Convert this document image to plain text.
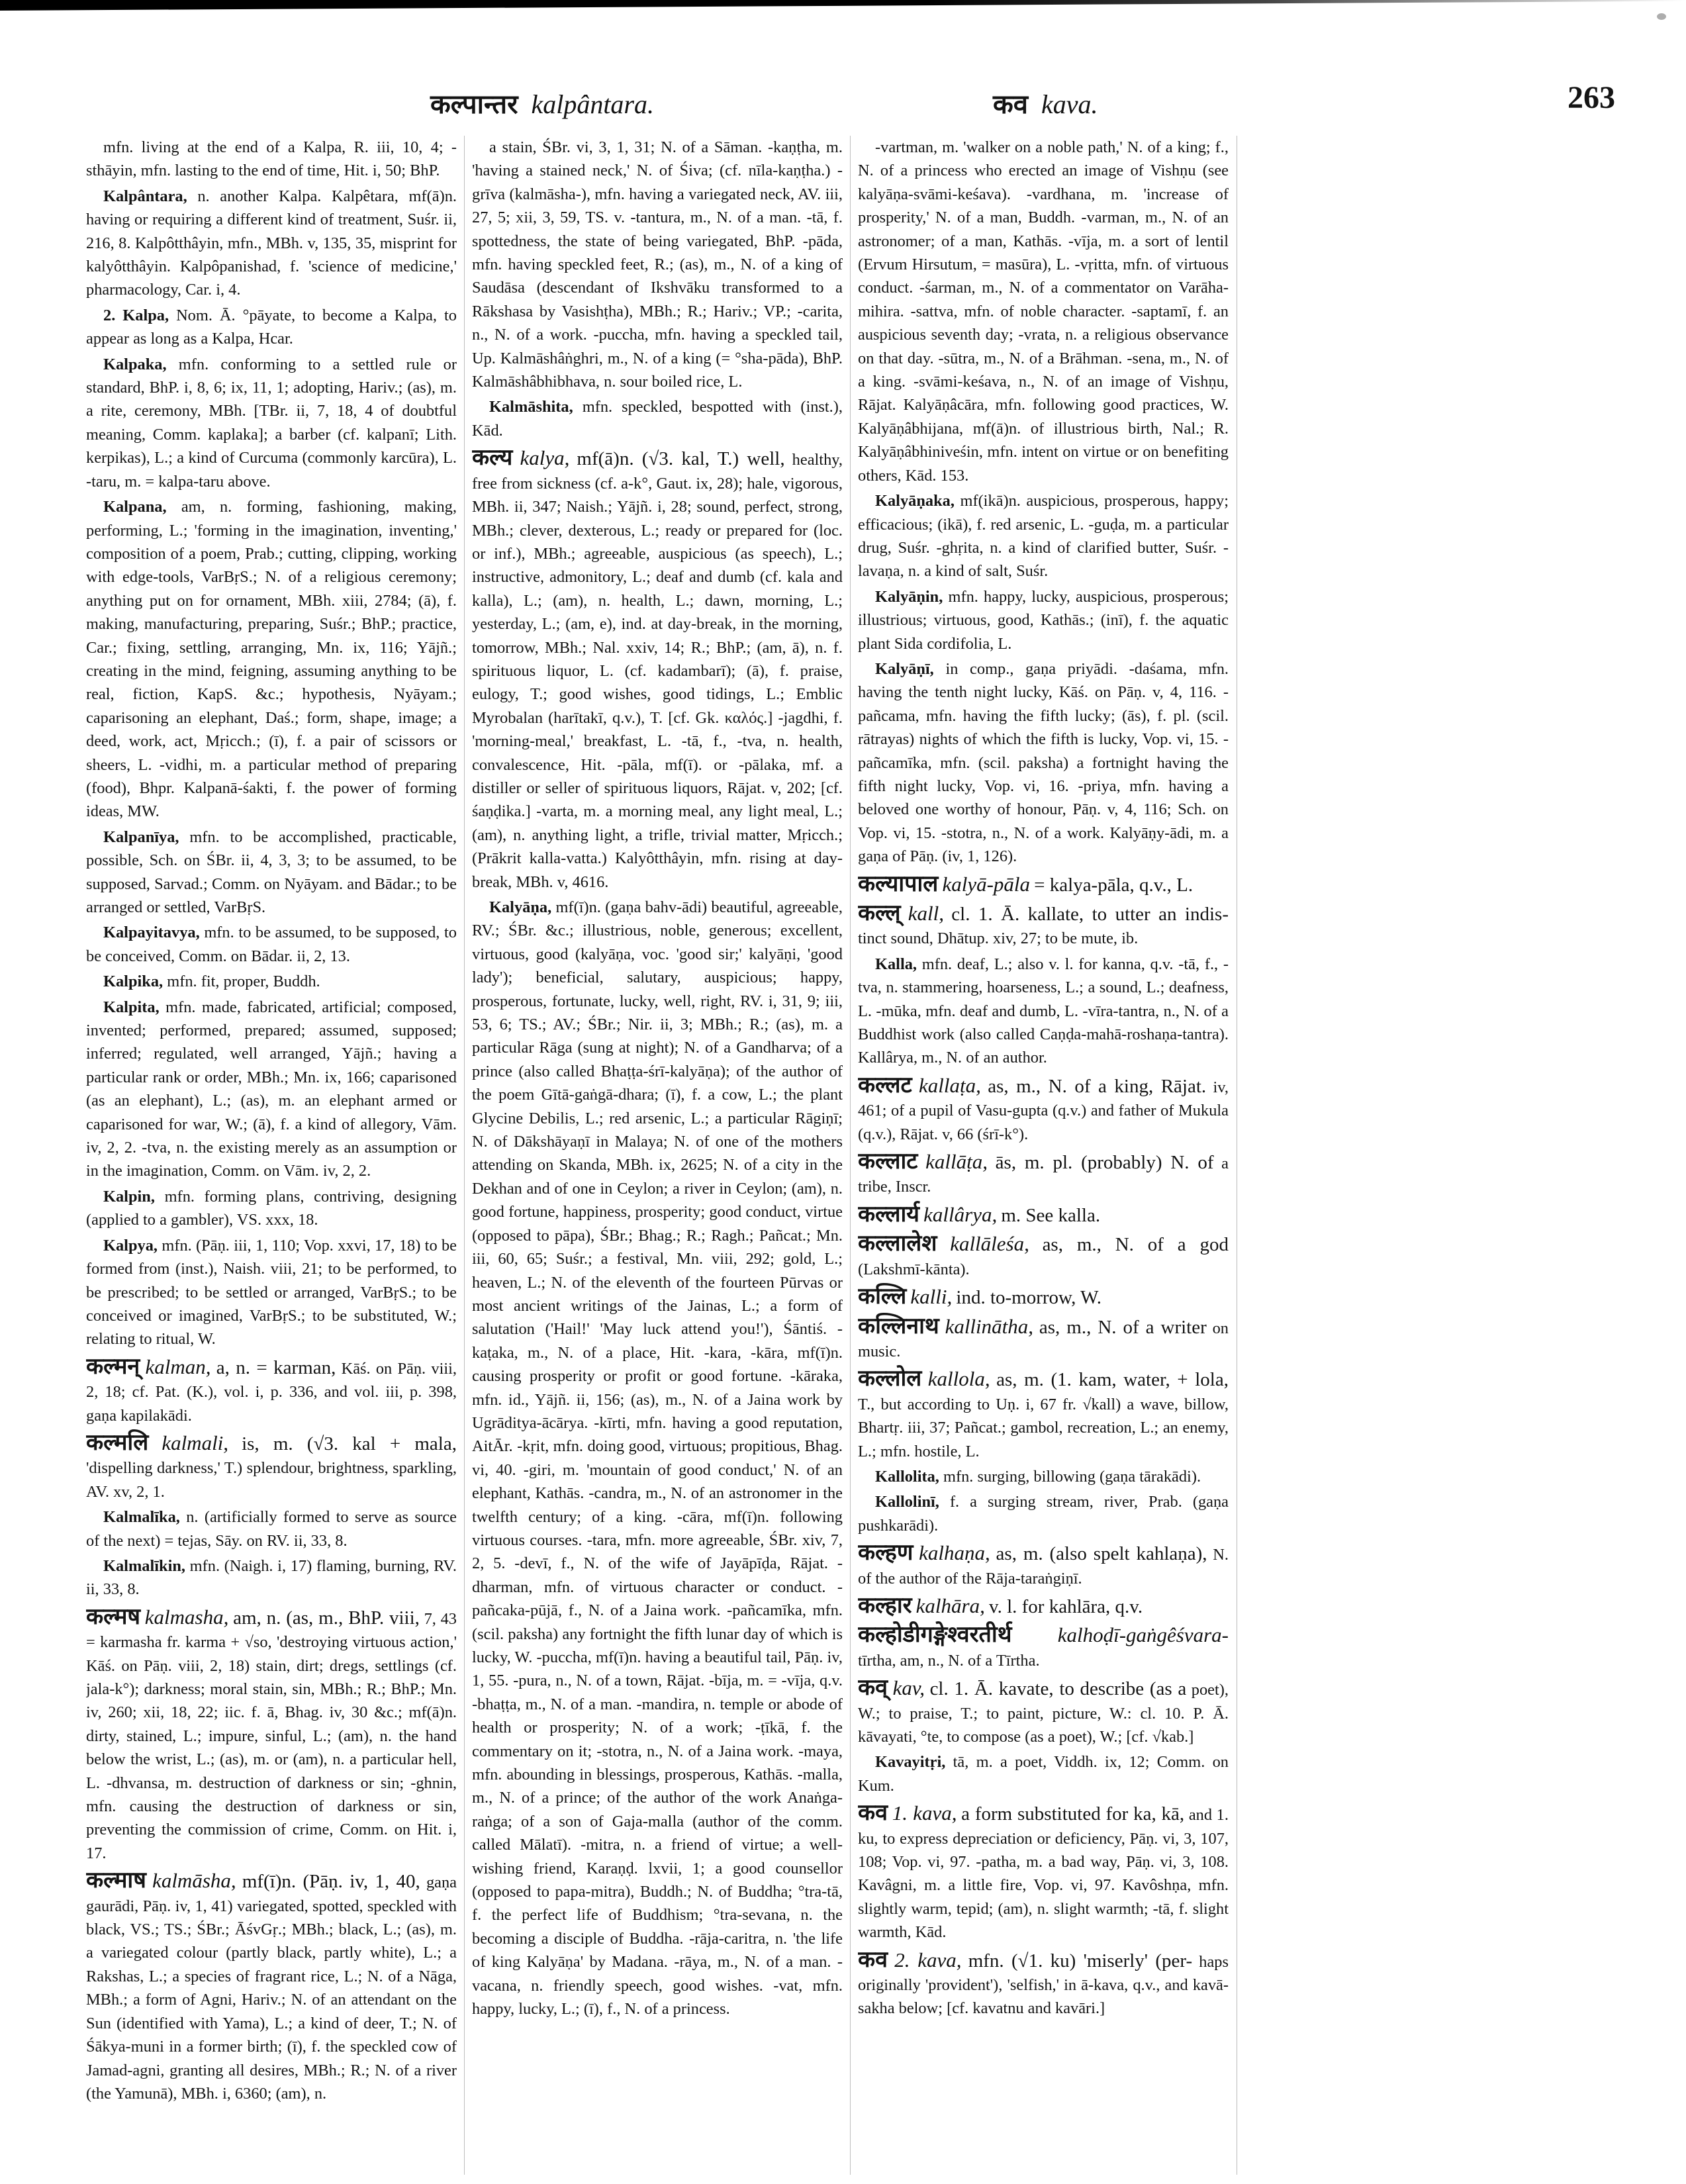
कल्पान्तर kalpântara.	कव kava.	263

mfn. living at the end of a Kalpa, R. iii, 10, 4; -sthāyin, mfn. lasting to the end of time, Hit. i, 50; BhP.

Kalpântara, n. another Kalpa. Kalpêtara, mf(ā)n. having or requiring a different kind of treatment, Suśr. ii, 216, 8. Kalpôtthâyin, mfn., MBh. v, 135, 35, misprint for kalyôtthâyin. Kalpôpanishad, f. 'science of medicine,' pharmacology, Car. i, 4.

2. Kalpa, Nom. Ā. °pāyate, to become a Kalpa, to appear as long as a Kalpa, Hcar.

Kalpaka, mfn. conforming to a settled rule or standard, BhP. i, 8, 6; ix, 11, 1; adopting, Hariv.; (as), m. a rite, ceremony, MBh. [TBr. ii, 7, 18, 4 of doubtful meaning, Comm. kaplaka]; a barber (cf. kalpanī; Lith. kerpikas), L.; a kind of Curcuma (commonly karcūra), L. -taru, m. = kalpa-taru above.

Kalpana, am, n. forming, fashioning, making, performing, L.; 'forming in the imagination, inventing,' composition of a poem, Prab.; cutting, clipping, working with edge-tools, VarBṛS.; N. of a religious ceremony; anything put on for ornament, MBh. xiii, 2784; (ā), f. making, manufacturing, preparing, Suśr.; BhP.; practice, Car.; fixing, settling, arranging, Mn. ix, 116; Yājñ.; creating in the mind, feigning, assuming anything to be real, fiction, KapS. &c.; hypothesis, Nyāyam.; caparisoning an elephant, Daś.; form, shape, image; a deed, work, act, Mṛicch.; (ī), f. a pair of scissors or sheers, L. -vidhi, m. a particular method of preparing (food), Bhpr. Kalpanā-śakti, f. the power of forming ideas, MW.

Kalpanīya, mfn. to be accomplished, practicable, possible, Sch. on ŚBr. ii, 4, 3, 3; to be assumed, to be supposed, Sarvad.; Comm. on Nyāyam. and Bādar.; to be arranged or settled, VarBṛS.

Kalpayitavya, mfn. to be assumed, to be supposed, to be conceived, Comm. on Bādar. ii, 2, 13.

Kalpika, mfn. fit, proper, Buddh.

Kalpita, mfn. made, fabricated, artificial; composed, invented; performed, prepared; assumed, supposed; inferred; regulated, well arranged, Yājñ.; having a particular rank or order, MBh.; Mn. ix, 166; caparisoned (as an elephant), L.; (as), m. an elephant armed or caparisoned for war, W.; (ā), f. a kind of allegory, Vām. iv, 2, 2. -tva, n. the existing merely as an assumption or in the imagination, Comm. on Vām. iv, 2, 2.

Kalpin, mfn. forming plans, contriving, designing (applied to a gambler), VS. xxx, 18.

Kalpya, mfn. (Pāṇ. iii, 1, 110; Vop. xxvi, 17, 18) to be formed from (inst.), Naish. viii, 21; to be performed, to be prescribed; to be settled or arranged, VarBṛS.; to be conceived or imagined, VarBṛS.; to be substituted, W.; relating to ritual, W.

कल्मन् kalman, a, n. = karman, Kāś. on Pāṇ. viii, 2, 18; cf. Pat. (K.), vol. i, p. 336, and vol. iii, p. 398, gaṇa kapilakādi.

कल्मलि kalmali, is, m. (√3. kal + mala, 'dispelling darkness,' T.) splendour, brightness, sparkling, AV. xv, 2, 1.

Kalmalīka, n. (artificially formed to serve as source of the next) = tejas, Sāy. on RV. ii, 33, 8.

Kalmalīkin, mfn. (Naigh. i, 17) flaming, burning, RV. ii, 33, 8.

कल्मष kalmasha, am, n. (as, m., BhP. viii, 7, 43 = karmasha fr. karma + √so, 'destroying virtuous action,' Kāś. on Pāṇ. viii, 2, 18) stain, dirt; dregs, settlings (cf. jala-k°); darkness; moral stain, sin, MBh.; R.; BhP.; Mn. iv, 260; xii, 18, 22; iic. f. ā, Bhag. iv, 30 &c.; mf(ā)n. dirty, stained, L.; impure, sinful, L.; (am), n. the hand below the wrist, L.; (as), m. or (am), n. a particular hell, L. -dhvansa, m. destruction of darkness or sin; -ghnin, mfn. causing the destruction of darkness or sin, preventing the commission of crime, Comm. on Hit. i, 17.

कल्माष kalmāsha, mf(ī)n. (Pāṇ. iv, 1, 40, gaṇa gaurādi, Pāṇ. iv, 1, 41) variegated, spotted, speckled with black, VS.; TS.; ŚBr.; ĀśvGṛ.; MBh.; black, L.; (as), m. a variegated colour (partly black, partly white), L.; a Rakshas, L.; a species of fragrant rice, L.; N. of a Nāga, MBh.; a form of Agni, Hariv.; N. of an attendant on the Sun (identified with Yama), L.; a kind of deer, T.; N. of Śākya-muni in a former birth; (ī), f. the speckled cow of Jamad-agni, granting all desires, MBh.; R.; N. of a river (the Yamunā), MBh. i, 6360; (am), n.

a stain, ŚBr. vi, 3, 1, 31; N. of a Sāman. -kaṇṭha, m. 'having a stained neck,' N. of Śiva; (cf. nīla-kaṇṭha.) -grīva (kalmāsha-), mfn. having a variegated neck, AV. iii, 27, 5; xii, 3, 59, TS. v. -tantura, m., N. of a man. -tā, f. spottedness, the state of being variegated, BhP. -pāda, mfn. having speckled feet, R.; (as), m., N. of a king of Saudāsa (descendant of Ikshvāku transformed to a Rākshasa by Vasishṭha), MBh.; R.; Hariv.; VP.; -carita, n., N. of a work. -puccha, mfn. having a speckled tail, Up. Kalmāshâṅghri, m., N. of a king (= °sha-pāda), BhP. Kalmāshâbhibhava, n. sour boiled rice, L.

Kalmāshita, mfn. speckled, bespotted with (inst.), Kād.

कल्य kalya, mf(ā)n. (√3. kal, T.) well, healthy, free from sickness (cf. a-k°, Gaut. ix, 28); hale, vigorous, MBh. ii, 347; Naish.; Yājñ. i, 28; sound, perfect, strong, MBh.; clever, dexterous, L.; ready or prepared for (loc. or inf.), MBh.; agreeable, auspicious (as speech), L.; instructive, admonitory, L.; deaf and dumb (cf. kala and kalla), L.; (am), n. health, L.; dawn, morning, L.; yesterday, L.; (am, e), ind. at day-break, in the morning, tomorrow, MBh.; Nal. xxiv, 14; R.; BhP.; (am, ā), n. f. spirituous liquor, L. (cf. kadambarī); (ā), f. praise, eulogy, T.; good wishes, good tidings, L.; Emblic Myrobalan (harītakī, q.v.), T. [cf. Gk. καλός.] -jagdhi, f. 'morning-meal,' breakfast, L. -tā, f., -tva, n. health, convalescence, Hit. -pāla, mf(ī). or -pālaka, mf. a distiller or seller of spirituous liquors, Rājat. v, 202; [cf. śaṇḍika.] -varta, m. a morning meal, any light meal, L.; (am), n. anything light, a trifle, trivial matter, Mṛicch.; (Prākrit kalla-vatta.) Kalyôtthâyin, mfn. rising at day-break, MBh. v, 4616.

Kalyāṇa, mf(ī)n. (gaṇa bahv-ādi) beautiful, agreeable, RV.; ŚBr. &c.; illustrious, noble, generous; excellent, virtuous, good (kalyāṇa, voc. 'good sir;' kalyāṇi, 'good lady'); beneficial, salutary, auspicious; happy, prosperous, fortunate, lucky, well, right, RV. i, 31, 9; iii, 53, 6; TS.; AV.; ŚBr.; Nir. ii, 3; MBh.; R.; (as), m. a particular Rāga (sung at night); N. of a Gandharva; of a prince (also called Bhaṭṭa-śrī-kalyāṇa); of the author of the poem Gītā-gaṅgā-dhara; (ī), f. a cow, L.; the plant Glycine Debilis, L.; red arsenic, L.; a particular Rāgiṇī; N. of Dākshāyaṇī in Malaya; N. of one of the mothers attending on Skanda, MBh. ix, 2625; N. of a city in the Dekhan and of one in Ceylon; a river in Ceylon; (am), n. good fortune, happiness, prosperity; good conduct, virtue (opposed to pāpa), ŚBr.; Bhag.; R.; Ragh.; Pañcat.; Mn. iii, 60, 65; Suśr.; a festival, Mn. viii, 292; gold, L.; heaven, L.; N. of the eleventh of the fourteen Pūrvas or most ancient writings of the Jainas, L.; a form of salutation ('Hail!' 'May luck attend you!'), Śāntiś. -kaṭaka, m., N. of a place, Hit. -kara, -kāra, mf(ī)n. causing prosperity or profit or good fortune. -kāraka, mfn. id., Yājñ. ii, 156; (as), m., N. of a Jaina work by Ugrāditya-ācārya. -kīrti, mfn. having a good reputation, AitĀr. -kṛit, mfn. doing good, virtuous; propitious, Bhag. vi, 40. -giri, m. 'mountain of good conduct,' N. of an elephant, Kathās. -candra, m., N. of an astronomer in the twelfth century; of a king. -cāra, mf(ī)n. following virtuous courses. -tara, mfn. more agreeable, ŚBr. xiv, 7, 2, 5. -devī, f., N. of the wife of Jayāpīḍa, Rājat. -dharman, mfn. of virtuous character or conduct. -pañcaka-pūjā, f., N. of a Jaina work. -pañcamīka, mfn. (scil. paksha) any fortnight the fifth lunar day of which is lucky, W. -puccha, mf(ī)n. having a beautiful tail, Pāṇ. iv, 1, 55. -pura, n., N. of a town, Rājat. -bīja, m. = -vīja, q.v. -bhaṭṭa, m., N. of a man. -mandira, n. temple or abode of health or prosperity; N. of a work; -ṭīkā, f. the commentary on it; -stotra, n., N. of a Jaina work. -maya, mfn. abounding in blessings, prosperous, Kathās. -malla, m., N. of a prince; of the author of the work Anaṅga-raṅga; of a son of Gaja-malla (author of the comm. called Mālatī). -mitra, n. a friend of virtue; a well-wishing friend, Karaṇḍ. lxvii, 1; a good counsellor (opposed to papa-mitra), Buddh.; N. of Buddha; °tra-tā, f. the perfect life of Buddhism; °tra-sevana, n. the becoming a disciple of Buddha. -rāja-caritra, n. 'the life of king Kalyāṇa' by Madana. -rāya, m., N. of a man. -vacana, n. friendly speech, good wishes. -vat, mfn. happy, lucky, L.; (ī), f., N. of a princess.

-vartman, m. 'walker on a noble path,' N. of a king; f., N. of a princess who erected an image of Vishṇu (see kalyāṇa-svāmi-keśava). -vardhana, m. 'increase of prosperity,' N. of a man, Buddh. -varman, m., N. of an astronomer; of a man, Kathās. -vīja, m. a sort of lentil (Ervum Hirsutum, = masūra), L. -vṛitta, mfn. of virtuous conduct. -śarman, m., N. of a commentator on Varāha-mihira. -sattva, mfn. of noble character. -saptamī, f. an auspicious seventh day; -vrata, n. a religious observance on that day. -sūtra, m., N. of a Brāhman. -sena, m., N. of a king. -svāmi-keśava, n., N. of an image of Vishṇu, Rājat. Kalyāṇâcāra, mfn. following good practices, W. Kalyāṇâbhijana, mf(ā)n. of illustrious birth, Nal.; R. Kalyāṇâbhiniveśin, mfn. intent on virtue or on benefiting others, Kād. 153.

Kalyāṇaka, mf(ikā)n. auspicious, prosperous, happy; efficacious; (ikā), f. red arsenic, L. -guḍa, m. a particular drug, Suśr. -ghṛita, n. a kind of clarified butter, Suśr. -lavaṇa, n. a kind of salt, Suśr.

Kalyāṇin, mfn. happy, lucky, auspicious, prosperous; illustrious; virtuous, good, Kathās.; (inī), f. the aquatic plant Sida cordifolia, L.

Kalyāṇī, in comp., gaṇa priyādi. -daśama, mfn. having the tenth night lucky, Kāś. on Pāṇ. v, 4, 116. -pañcama, mfn. having the fifth lucky; (ās), f. pl. (scil. rātrayas) nights of which the fifth is lucky, Vop. vi, 15. -pañcamīka, mfn. (scil. paksha) a fortnight having the fifth night lucky, Vop. vi, 16. -priya, mfn. having a beloved one worthy of honour, Pāṇ. v, 4, 116; Sch. on Vop. vi, 15. -stotra, n., N. of a work. Kalyāṇy-ādi, m. a gaṇa of Pāṇ. (iv, 1, 126).

कल्यापाल kalyā-pāla = kalya-pāla, q.v., L.

कल्ल् kall, cl. 1. Ā. kallate, to utter an indis- tinct sound, Dhātup. xiv, 27; to be mute, ib.

Kalla, mfn. deaf, L.; also v. l. for kanna, q.v. -tā, f., -tva, n. stammering, hoarseness, L.; a sound, L.; deafness, L. -mūka, mfn. deaf and dumb, L. -vīra-tantra, n., N. of a Buddhist work (also called Caṇḍa-mahā-roshaṇa-tantra). Kallârya, m., N. of an author.

कल्लट kallaṭa, as, m., N. of a king, Rājat. iv, 461; of a pupil of Vasu-gupta (q.v.) and father of Mukula (q.v.), Rājat. v, 66 (śrī-k°).

कल्लाट kallāṭa, ās, m. pl. (probably) N. of a tribe, Inscr.

कल्लार्य kallârya, m. See kalla.

कल्लालेश kallāleśa, as, m., N. of a god (Lakshmī-kānta).

कल्लि kalli, ind. to-morrow, W.

कल्लिनाथ kallinātha, as, m., N. of a writer on music.

कल्लोल kallola, as, m. (1. kam, water, + lola, T., but according to Uṇ. i, 67 fr. √kall) a wave, billow, Bhartṛ. iii, 37; Pañcat.; gambol, recreation, L.; an enemy, L.; mfn. hostile, L.

Kallolita, mfn. surging, billowing (gaṇa tārakādi).

Kallolinī, f. a surging stream, river, Prab. (gaṇa pushkarādi).

कल्हण kalhaṇa, as, m. (also spelt kahlaṇa), N. of the author of the Rāja-taraṅgiṇī.

कल्हार kalhāra, v. l. for kahlāra, q.v.

कल्होडीगङ्गेश्वरतीर्थ kalhoḍī-gaṅgêśvara- tīrtha, am, n., N. of a Tīrtha.

कव् kav, cl. 1. Ā. kavate, to describe (as a poet), W.; to praise, T.; to paint, picture, W.: cl. 10. P. Ā. kāvayati, °te, to compose (as a poet), W.; [cf. √kab.]

Kavayitṛi, tā, m. a poet, Viddh. ix, 12; Comm. on Kum.

कव 1. kava, a form substituted for ka, kā, and 1. ku, to express depreciation or deficiency, Pāṇ. vi, 3, 107, 108; Vop. vi, 97. -patha, m. a bad way, Pāṇ. vi, 3, 108. Kavâgni, m. a little fire, Vop. vi, 97. Kavôshṇa, mfn. slightly warm, tepid; (am), n. slight warmth; -tā, f. slight warmth, Kād.

कव 2. kava, mfn. (√1. ku) 'miserly' (per- haps originally 'provident'), 'selfish,' in ā-kava, q.v., and kavā-sakha below; [cf. kavatnu and kavāri.]
